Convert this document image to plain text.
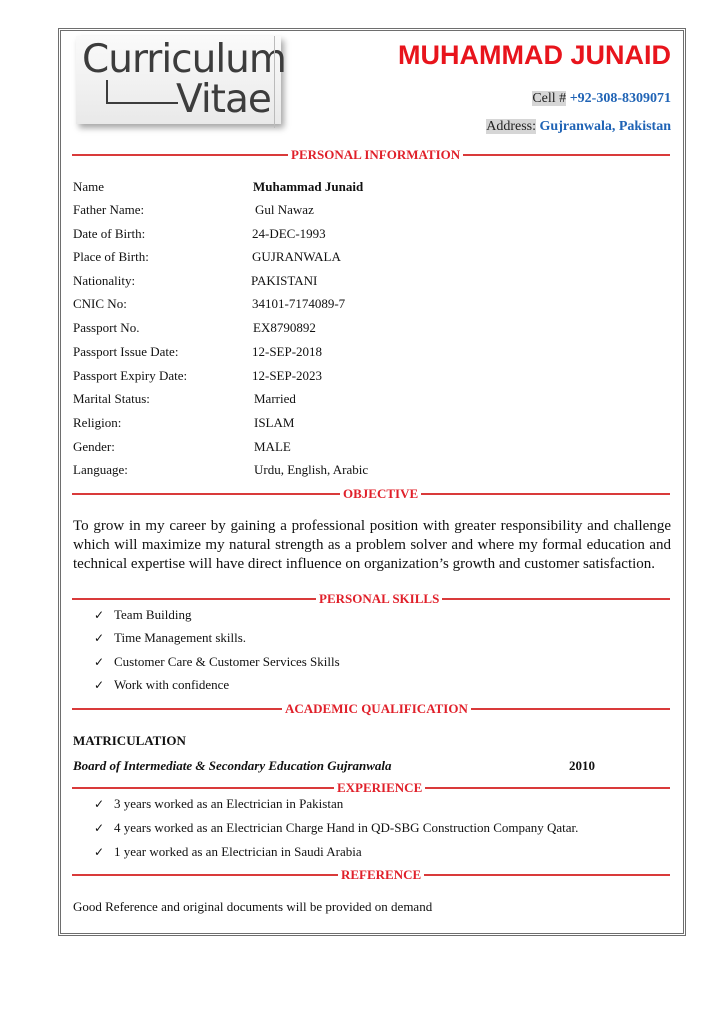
Curriculum
Vitae
MUHAMMAD JUNAID
Cell # +92-308-8309071
Address: Gujranwala, Pakistan
PERSONAL INFORMATION
Name	Muhammad Junaid
Father Name:	Gul Nawaz
Date of Birth:	24-DEC-1993
Place of Birth:	GUJRANWALA
Nationality:	PAKISTANI
CNIC No:	34101-7174089-7
Passport No.	EX8790892
Passport Issue Date:	12-SEP-2018
Passport Expiry Date:	12-SEP-2023
Marital Status:	Married
Religion:	ISLAM
Gender:	MALE
Language:	Urdu, English, Arabic
OBJECTIVE
To grow in my career by gaining a professional position with greater responsibility and challenge which will maximize my natural strength as a problem solver and where my formal education and technical expertise will have direct influence on organization’s growth and customer satisfaction.
PERSONAL SKILLS
✓ Team Building
✓ Time Management skills.
✓ Customer Care & Customer Services Skills
✓ Work with confidence
ACADEMIC QUALIFICATION
MATRICULATION
Board of Intermediate & Secondary Education Gujranwala	2010
EXPERIENCE
✓ 3 years worked as an Electrician in Pakistan
✓ 4 years worked as an Electrician Charge Hand in QD-SBG Construction Company Qatar.
✓ 1 year worked as an Electrician in Saudi Arabia
REFERENCE
Good Reference and original documents will be provided on demand
